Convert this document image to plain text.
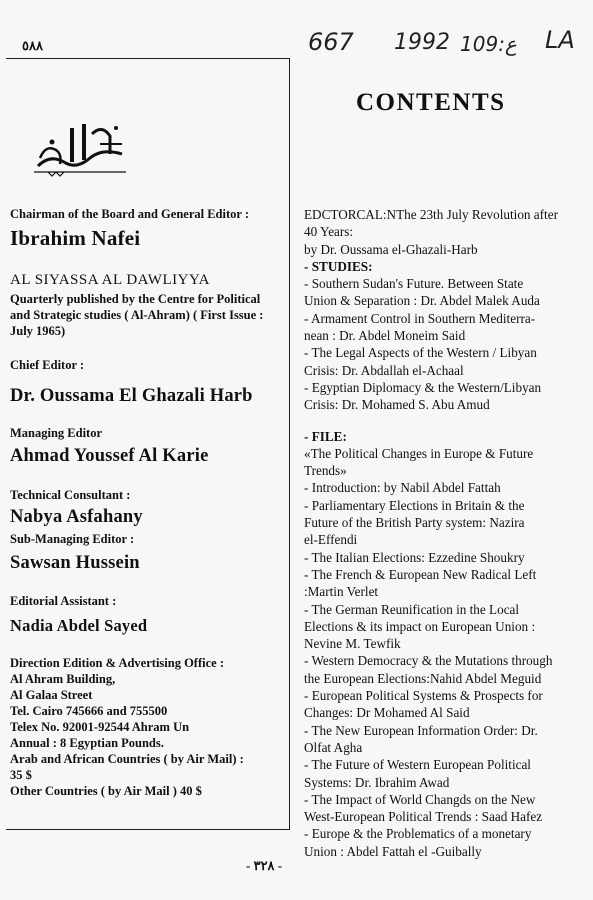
٥٨٨	667 1992 ع:109 LA
Chairman of the Board and General Editor :
Ibrahim Nafei
AL SIYASSA AL DAWLIYYA
Quarterly published by the Centre for Political
and Strategic studies ( Al-Ahram) ( First Issue :
July 1965)
Chief Editor :
Dr. Oussama El Ghazali Harb
Managing Editor
Ahmad Youssef Al Karie
Technical Consultant :
Nabya Asfahany
Sub-Managing Editor :
Sawsan Hussein
Editorial Assistant :
Nadia Abdel Sayed
Direction Edition & Advertising Office :
Al Ahram Building,
Al Galaa Street
Tel. Cairo 745666 and 755500
Telex No. 92001-92544 Ahram Un
Annual : 8 Egyptian Pounds.
Arab and African Countries ( by Air Mail) :
35 $
Other Countries ( by Air Mail ) 40 $
CONTENTS
EDCTORCAL:NThe 23th July Revolution after
40 Years:
by Dr. Oussama el-Ghazali-Harb
- STUDIES:
- Southern Sudan's Future. Between State
Union & Separation : Dr. Abdel Malek Auda
- Armament Control in Southern Mediterra-
nean : Dr. Abdel Moneim Said
- The Legal Aspects of the Western / Libyan
Crisis: Dr. Abdallah el-Achaal
- Egyptian Diplomacy & the Western/Libyan
Crisis: Dr. Mohamed S. Abu Amud
- FILE:
«The Political Changes in Europe & Future
Trends»
- Introduction: by Nabil Abdel Fattah
- Parliamentary Elections in Britain & the
Future of the British Party system: Nazira
el-Effendi
- The Italian Elections: Ezzedine Shoukry
- The French & European New Radical Left
:Martin Verlet
- The German Reunification in the Local
Elections & its impact on European Union :
Nevine M. Tewfik
- Western Democracy & the Mutations through
the European Elections:Nahid Abdel Meguid
- European Political Systems & Prospects for
Changes: Dr Mohamed Al Said
- The New European Information Order: Dr.
Olfat Agha
- The Future of Western European Political
Systems: Dr. Ibrahim Awad
- The Impact of World Changds on the New
West-European Political Trends : Saad Hafez
- Europe & the Problematics of a monetary
Union : Abdel Fattah el -Guibally
- ٣٢٨ -
